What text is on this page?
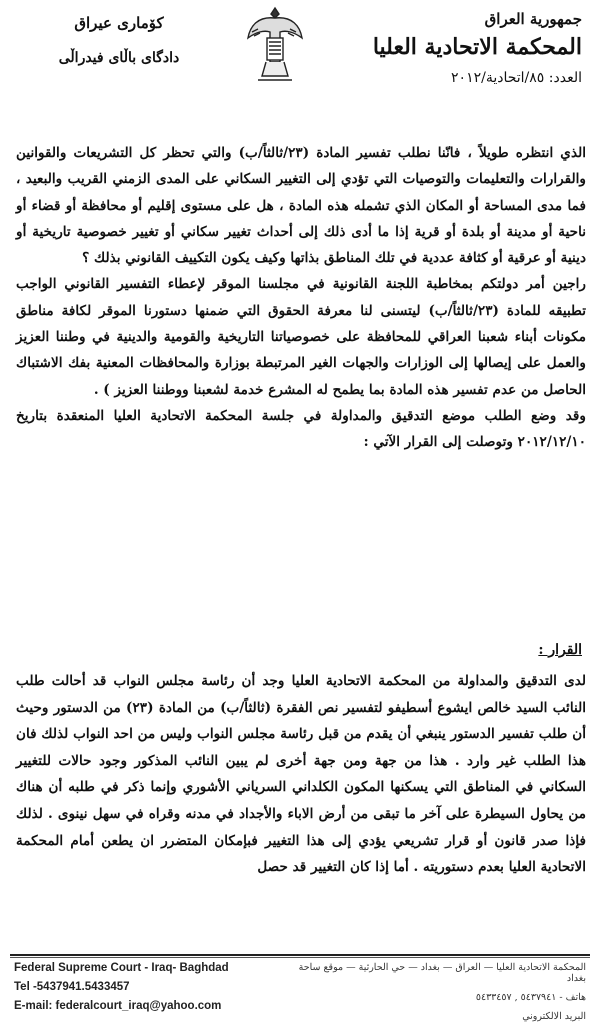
جمهورية العراق
المحكمة الاتحادية العليا
العدد: ٨٥/اتحادية/٢٠١٢
كۆماری عیراق
دادگای باڵای فیدراڵی

الذي انتظره طويلاً ، فانّنا نطلب تفسير المادة (٢٣/ثالثاً/ب) والتي تحظر كل التشريعات والقوانين والقرارات والتعليمات والتوصيات التي تؤدي إلى التغيير السكاني على المدى الزمني القريب والبعيد ، فما مدى المساحة أو المكان الذي تشمله هذه المادة ، هل على مستوى إقليم أو محافظة أو قضاء أو ناحية أو مدينة أو بلدة أو قرية إذا ما أدى ذلك إلى أحداث تغيير سكاني أو تغيير خصوصية تاريخية أو دينية أو عرقية أو كثافة عددية في تلك المناطق بذاتها وكيف يكون التكييف القانوني بذلك ؟

راجين أمر دولتكم بمخاطبة اللجنة القانونية في مجلسنا الموقر لإعطاء التفسير القانوني الواجب تطبيقه للمادة (٢٣/ثالثاً/ب) ليتسنى لنا معرفة الحقوق التي ضمنها دستورنا الموقر لكافة مناطق مكونات أبناء شعبنا العراقي للمحافظة على خصوصياتنا التاريخية والقومية والدينية في وطننا العزيز والعمل على إيصالها إلى الوزارات والجهات الغير المرتبطة بوزارة والمحافظات المعنية بفك الاشتباك الحاصل من عدم تفسير هذه المادة بما يطمح له المشرع خدمة لشعبنا ووطننا العزيز ) .

وقد وضع الطلب موضع التدقيق والمداولة في جلسة المحكمة الاتحادية العليا المنعقدة بتاريخ ٢٠١٢/١٢/١٠ وتوصلت إلى القرار الآتي :

القرار :

لدى التدقيق والمداولة من المحكمة الاتحادية العليا وجد أن رئاسة مجلس النواب قد أحالت طلب النائب السيد خالص ايشوع أسطيفو لتفسير نص الفقرة (ثالثاً/ب) من المادة (٢٣) من الدستور وحيث أن طلب تفسير الدستور ينبغي أن يقدم من قبل رئاسة مجلس النواب وليس من احد النواب لذلك فان هذا الطلب غير وارد . هذا من جهة ومن جهة أخرى لم يبين النائب المذكور وجود حالات للتغيير السكاني في المناطق التي يسكنها المكون الكلداني السرياني الأشوري وإنما ذكر في طلبه أن هناك من يحاول السيطرة على آخر ما تبقى من أرض الاباء والأجداد في مدنه وقراه في سهل نينوى . لذلك فإذا صدر قانون أو قرار تشريعي يؤدي إلى هذا التغيير فبإمكان المتضرر ان يطعن أمام المحكمة الاتحادية العليا بعدم دستوريته . أما إذا كان التغيير قد حصل

Federal Supreme Court - Iraq- Baghdad
Tel -5437941.5433457
E-mail: federalcourt_iraq@yahoo.com
المحكمة الاتحادية العليا — العراق — بغداد — حي الحارثية — موقع ساحة بغداد
هاتف - ٥٤٣٧٩٤١ , ٥٤٣٣٤٥٧
البريد الالكتروني
